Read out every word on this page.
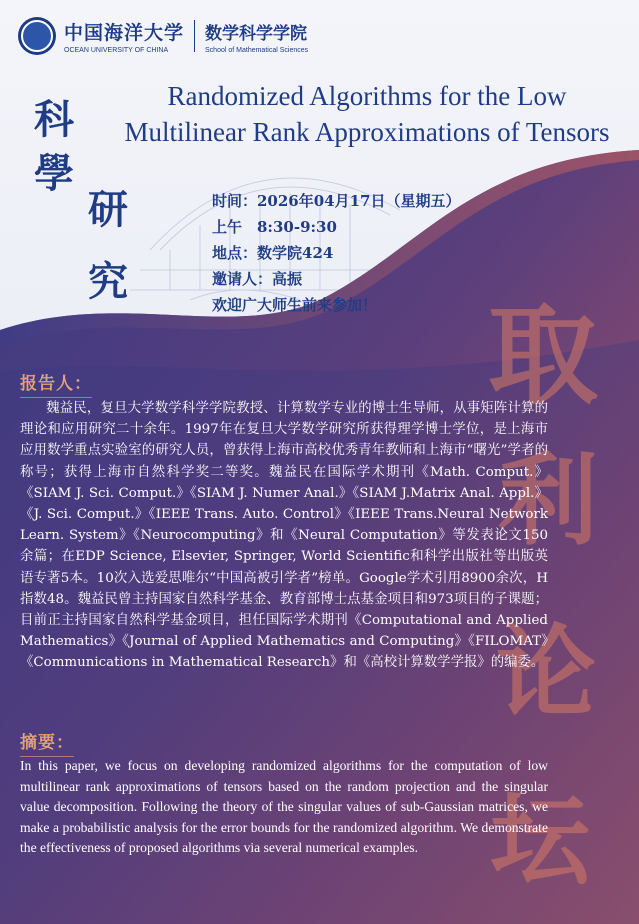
中国海洋大学
OCEAN UNIVERSITY OF CHINA
数学科学学院
School of Mathematical Sciences
Randomized Algorithms for the Low
Multilinear Rank Approximations of Tensors
科
學
研
究
时间：2026年04月17日（星期五）
上午　8:30-9:30
地点：数学院424
邀请人：高振
欢迎广大师生前来参加！	取
利
论
坛
报告人：
魏益民，复旦大学数学科学学院教授、计算数学专业的博士生导师，从事矩阵计算的理论和应用研究二十余年。1997年在复旦大学数学研究所获得理学博士学位，是上海市应用数学重点实验室的研究人员，曾获得上海市高校优秀青年教师和上海市“曙光”学者的称号；获得上海市自然科学奖二等奖。魏益民在国际学术期刊《Math. Comput.》《SIAM J. Sci. Comput.》《SIAM J. Numer Anal.》《SIAM J.Matrix Anal. Appl.》《J. Sci. Comput.》《IEEE Trans. Auto. Control》《IEEE Trans.Neural Network Learn. System》《Neurocomputing》和《Neural Computation》等发表论文150余篇；在EDP Science, Elsevier, Springer, World Scientific和科学出版社等出版英语专著5本。10次入选爱思唯尔“中国高被引学者”榜单。Google学术引用8900余次，H指数48。魏益民曾主持国家自然科学基金、教育部博士点基金项目和973项目的子课题；目前正主持国家自然科学基金项目，担任国际学术期刊《Computational and Applied Mathematics》《Journal of Applied Mathematics and Computing》《FILOMAT》《Communications in Mathematical Research》和《高校计算数学学报》的编委。
摘要：
In this paper, we focus on developing randomized algorithms for the computation of low multilinear rank approximations of tensors based on the random projection and the singular value decomposition. Following the theory of the singular values of sub-Gaussian matrices, we make a probabilistic analysis for the error bounds for the randomized algorithm. We demonstrate the effectiveness of proposed algorithms via several numerical examples.
